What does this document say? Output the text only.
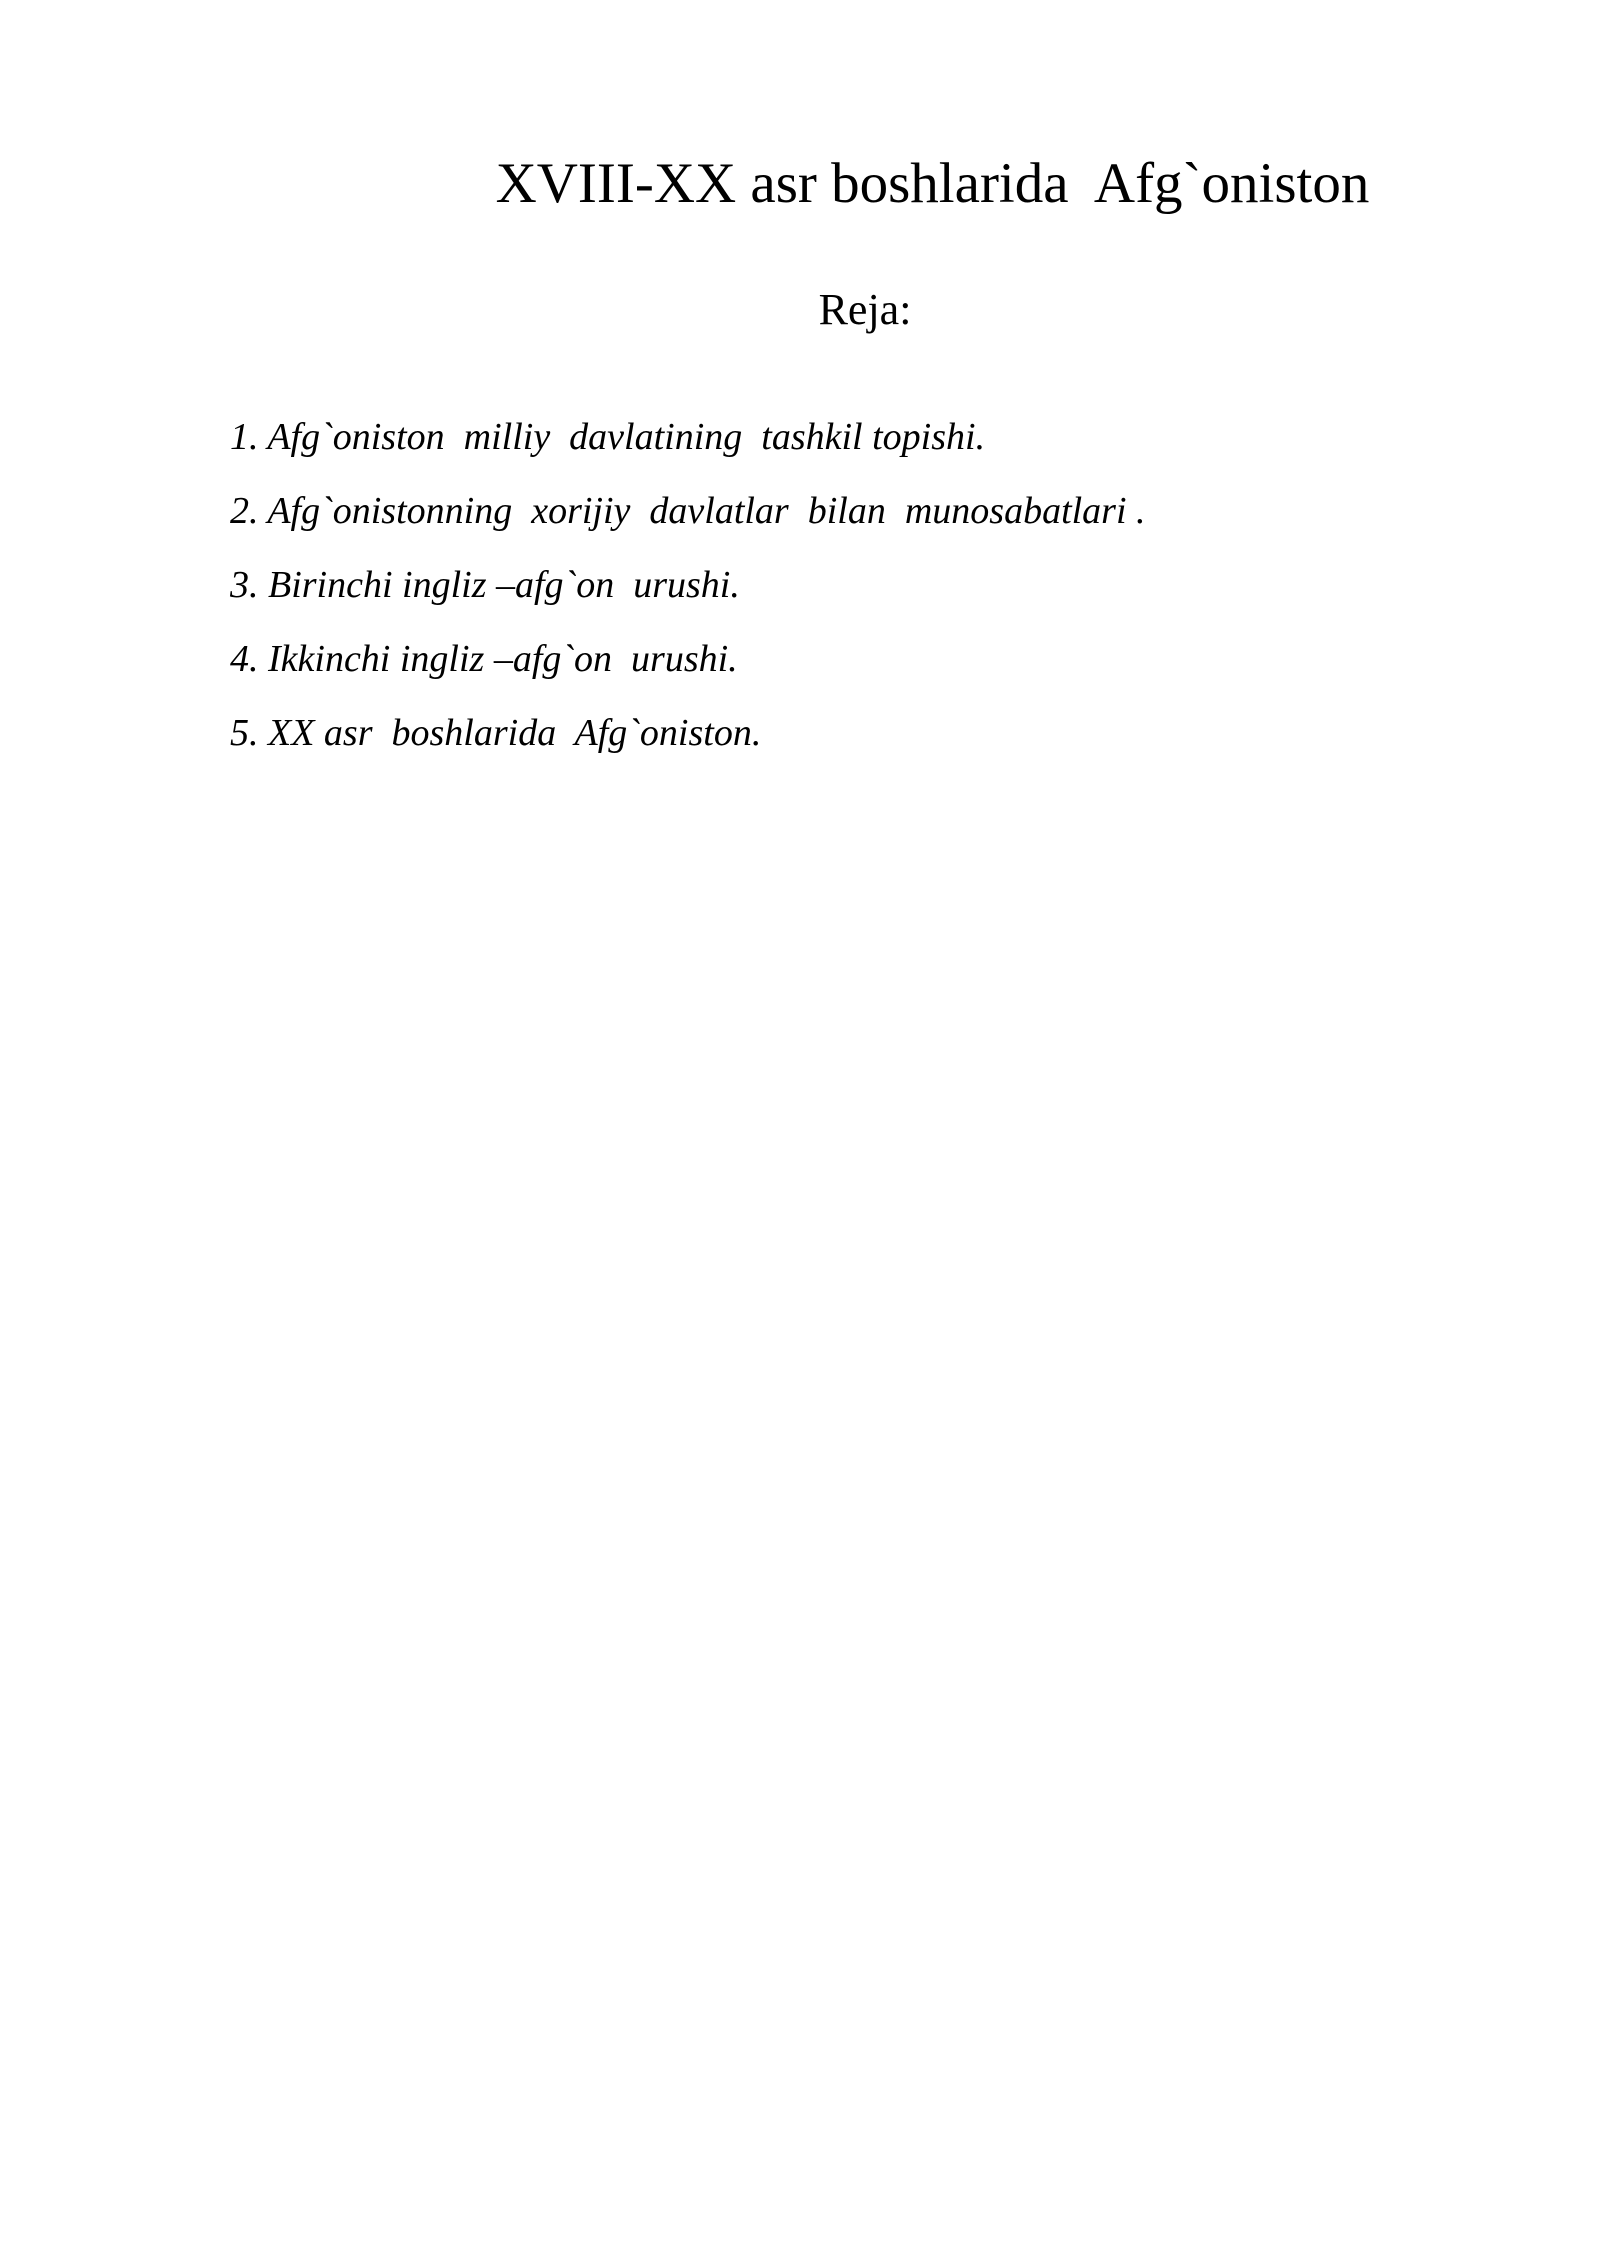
XVIII-XX asr boshlarida  Afg`oniston
Reja:
1. Afg`oniston  milliy  davlatining  tashkil topishi.
2. Afg`onistonning  xorijiy  davlatlar  bilan  munosabatlari .
3. Birinchi ingliz –afg`on  urushi.
4. Ikkinchi ingliz –afg`on  urushi.
5. XX asr  boshlarida  Afg`oniston.
